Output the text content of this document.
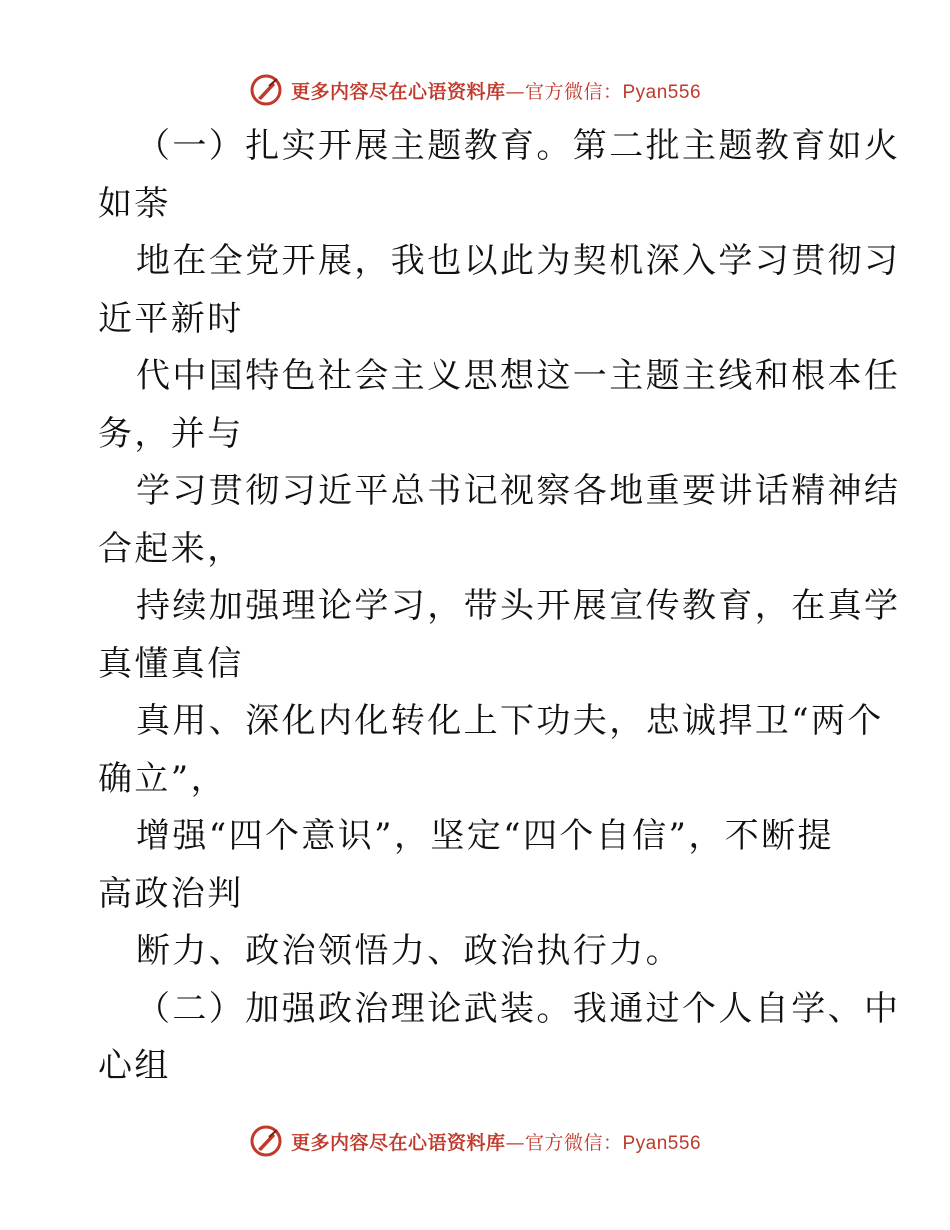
更多内容尽在心语资料库—官方微信：Pyan556
（一）扎实开展主题教育。第二批主题教育如火
如荼
地在全党开展，我也以此为契机深入学习贯彻习
近平新时
代中国特色社会主义思想这一主题主线和根本任
务，并与
学习贯彻习近平总书记视察各地重要讲话精神结
合起来，
持续加强理论学习，带头开展宣传教育，在真学
真懂真信
真用、深化内化转化上下功夫，忠诚捍卫“两个
确立”，
增强“四个意识”，坚定“四个自信”，不断提
高政治判
断力、政治领悟力、政治执行力。
（二）加强政治理论武装。我通过个人自学、中
心组
更多内容尽在心语资料库—官方微信：Pyan556
